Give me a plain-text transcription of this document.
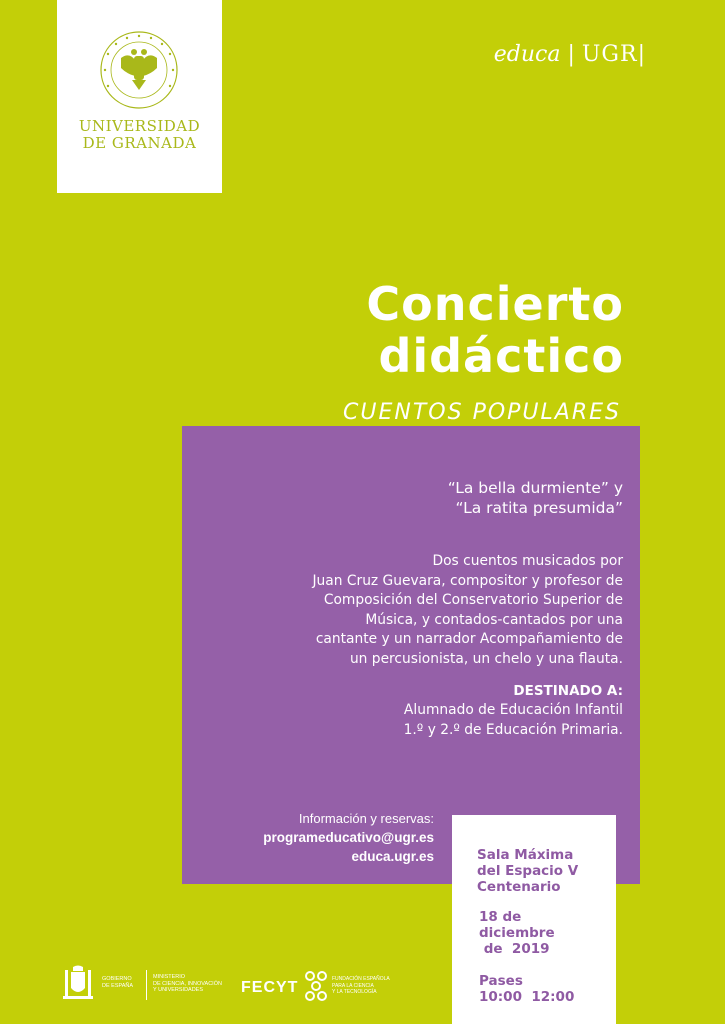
UNIVERSIDAD
DE GRANADA
educa | UGR|
Concierto
didáctico
CUENTOS POPULARES
“La bella durmiente” y
“La ratita presumida”
Dos cuentos musicados por
Juan Cruz Guevara, compositor y profesor de
Composición del Conservatorio Superior de
Música, y contados-cantados por una
cantante y un narrador Acompañamiento de
un percusionista, un chelo y una flauta.
DESTINADO A:
Alumnado de Educación Infantil
1.º y 2.º de Educación Primaria.
Información y reservas:
programeducativo@ugr.es
educa.ugr.es	Sala Máxima
del Espacio V
Centenario
18 de
diciembre
de  2019
Pases
10:00  12:00
GOBIERNO
DE ESPAÑA
MINISTERIO
DE CIENCIA, INNOVACIÓN
Y UNIVERSIDADES	FECYT	FUNDACIÓN ESPAÑOLA
PARA LA CIENCIA
Y LA TECNOLOGÍA
